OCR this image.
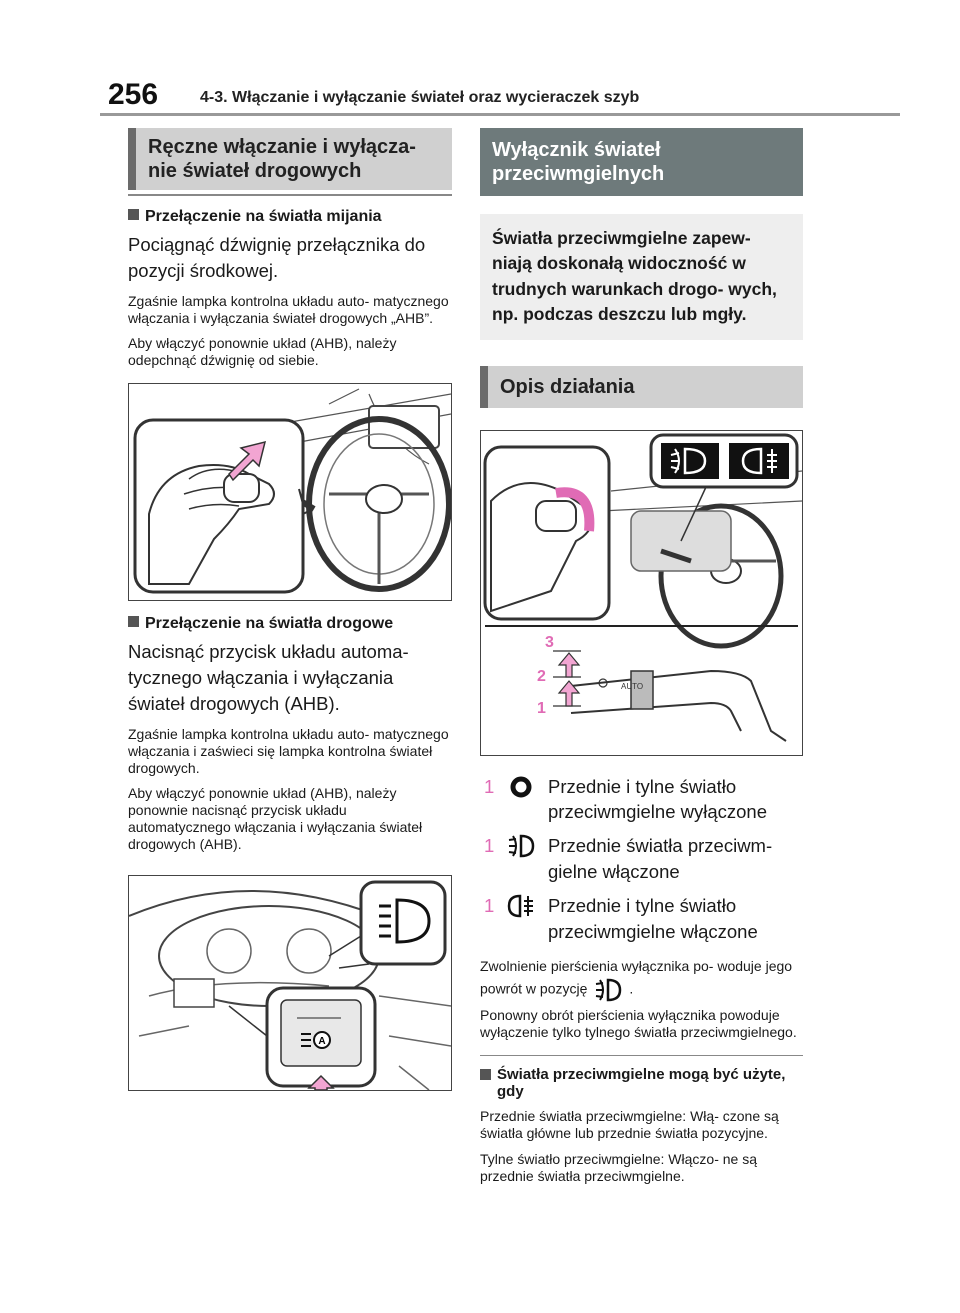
256	4-3. Włączanie i wyłączanie świateł oraz wycieraczek szyb
Ręczne włączanie i wyłącza- nie świateł drogowych
Przełączenie na światła mijania
Pociągnąć dźwignię przełącznika do pozycji środkowej.
Zgaśnie lampka kontrolna układu auto- matycznego włączania i wyłączania świateł drogowych „AHB”.
Aby włączyć ponownie układ (AHB), należy odepchnąć dźwignię od siebie.
Przełączenie na światła drogowe
Nacisnąć przycisk układu automa- tycznego włączania i wyłączania świateł drogowych (AHB).
Zgaśnie lampka kontrolna układu auto- matycznego włączania i zaświeci się lampka kontrolna świateł drogowych.
Aby włączyć ponownie układ (AHB), należy ponownie nacisnąć przycisk układu automatycznego włączania i wyłączania świateł drogowych (AHB).
A
Wyłącznik świateł przeciwmgielnych
Światła przeciwmgielne zapew- niają doskonałą widoczność w trudnych warunkach drogo- wych, np. podczas deszczu lub mgły.
Opis działania
AUTO
3
2
1
1	Przednie i tylne światło przeciwmgielne wyłączone
1	Przednie światła przeciwm- gielne włączone
1	Przednie i tylne światło przeciwmgielne włączone
Zwolnienie pierścienia wyłącznika po- woduje jego powrót w pozycję	.
Ponowny obrót pierścienia wyłącznika powoduje wyłączenie tylko tylnego światła przeciwmgielnego.
Światła przeciwmgielne mogą być użyte, gdy
Przednie światła przeciwmgielne: Włą- czone są światła główne lub przednie światła pozycyjne.
Tylne światło przeciwmgielne: Włączo- ne są przednie światła przeciwmgielne.
